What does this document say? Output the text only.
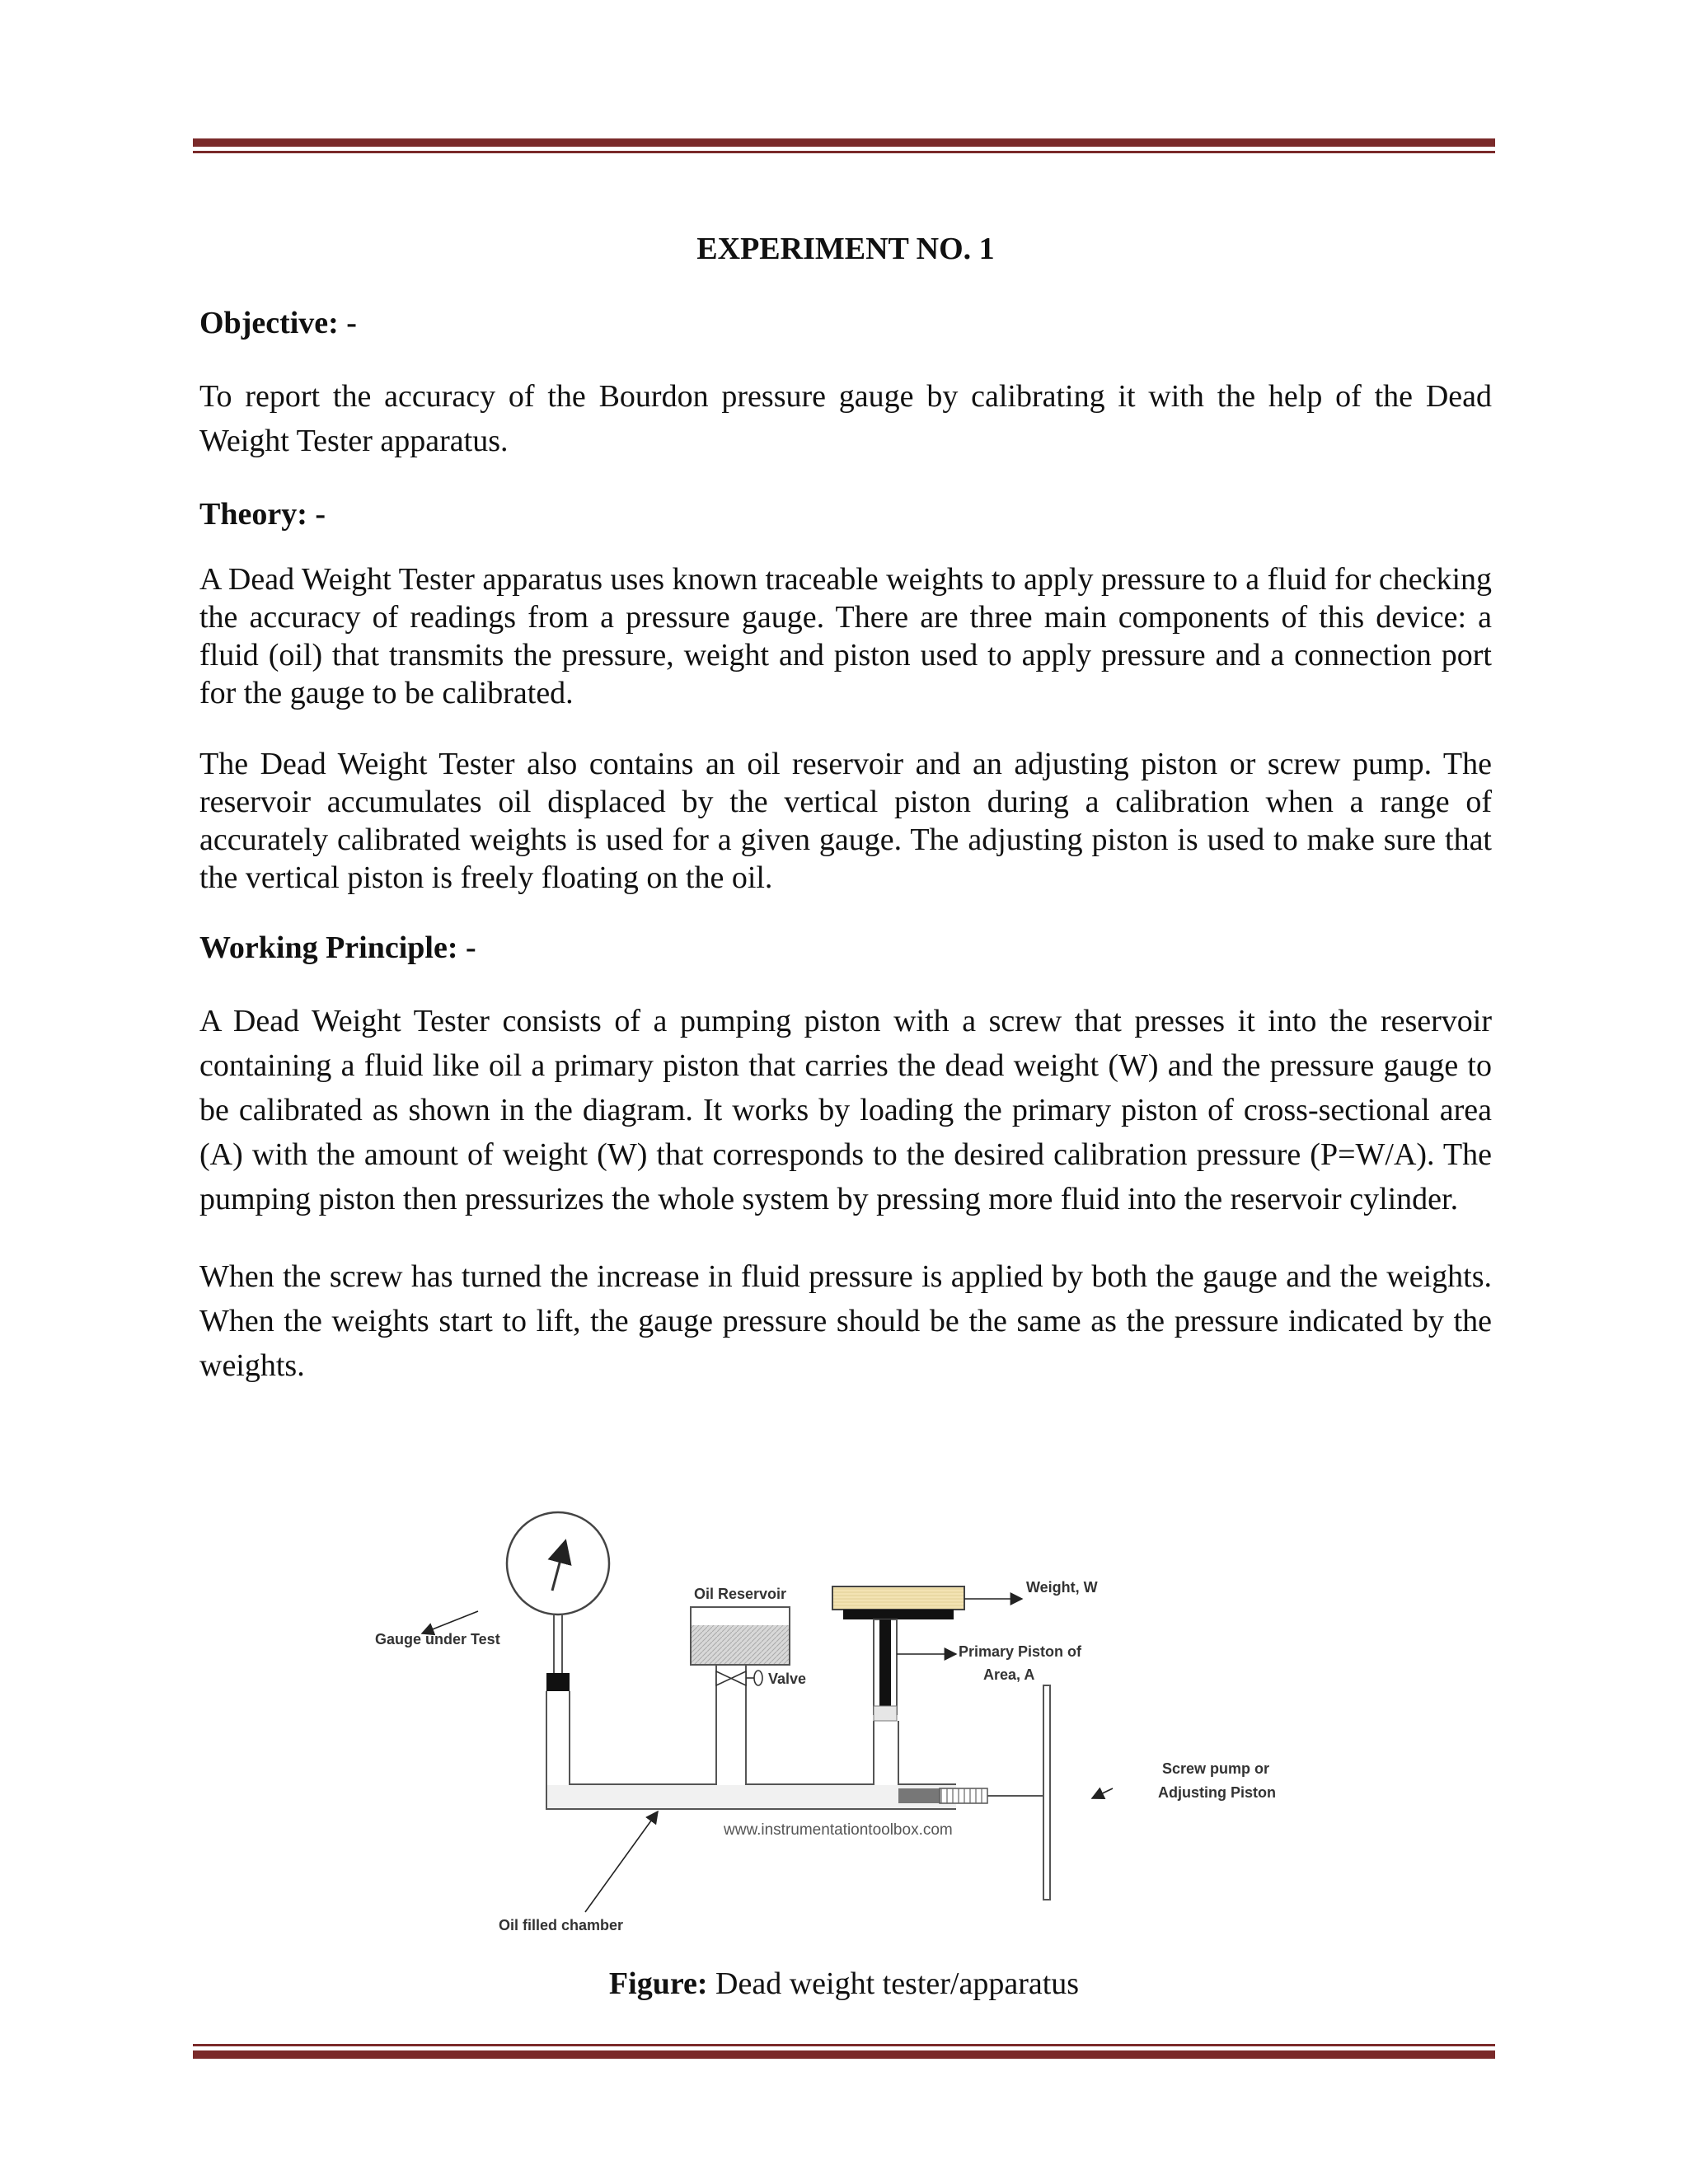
EXPERIMENT NO. 1
Objective: -

To report the accuracy of the Bourdon pressure gauge by calibrating it with the help of the Dead Weight Tester apparatus.

Theory: -

A Dead Weight Tester apparatus uses known traceable weights to apply pressure to a fluid for checking the accuracy of readings from a pressure gauge. There are three main components of this device: a fluid (oil) that transmits the pressure, weight and piston used to apply pressure and a connection port for the gauge to be calibrated.

The Dead Weight Tester also contains an oil reservoir and an adjusting piston or screw pump. The reservoir accumulates oil displaced by the vertical piston during a calibration when a range of accurately calibrated weights is used for a given gauge. The adjusting piston is used to make sure that the vertical piston is freely floating on the oil.

Working Principle: -

A Dead Weight Tester consists of a pumping piston with a screw that presses it into the reservoir containing a fluid like oil a primary piston that carries the dead weight (W) and the pressure gauge to be calibrated as shown in the diagram. It works by loading the primary piston of cross-sectional area (A) with the amount of weight (W) that corresponds to the desired calibration pressure (P=W/A). The pumping piston then pressurizes the whole system by pressing more fluid into the reservoir cylinder.

When the screw has turned the increase in fluid pressure is applied by both the gauge and the weights. When the weights start to lift, the gauge pressure should be the same as the pressure indicated by the weights.

Gauge under Test
Oil Reservoir
Valve
Weight, W
Primary Piston of
Area, A
Screw pump or
Adjusting Piston
Oil filled chamber
www.instrumentationtoolbox.com
Figure: Dead weight tester/apparatus
